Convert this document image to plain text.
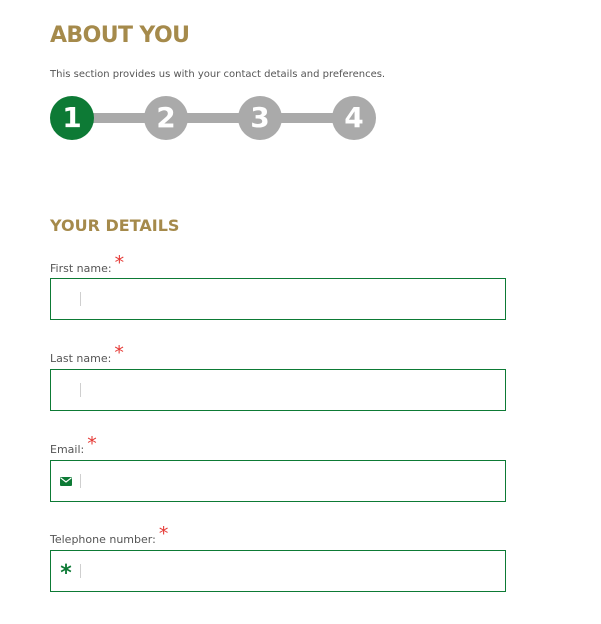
ABOUT YOU

This section provides us with your contact details and preferences.

1	2	3	4
YOUR DETAILS
First name: *
Last name: *
Email: *
Telephone number: *
*
